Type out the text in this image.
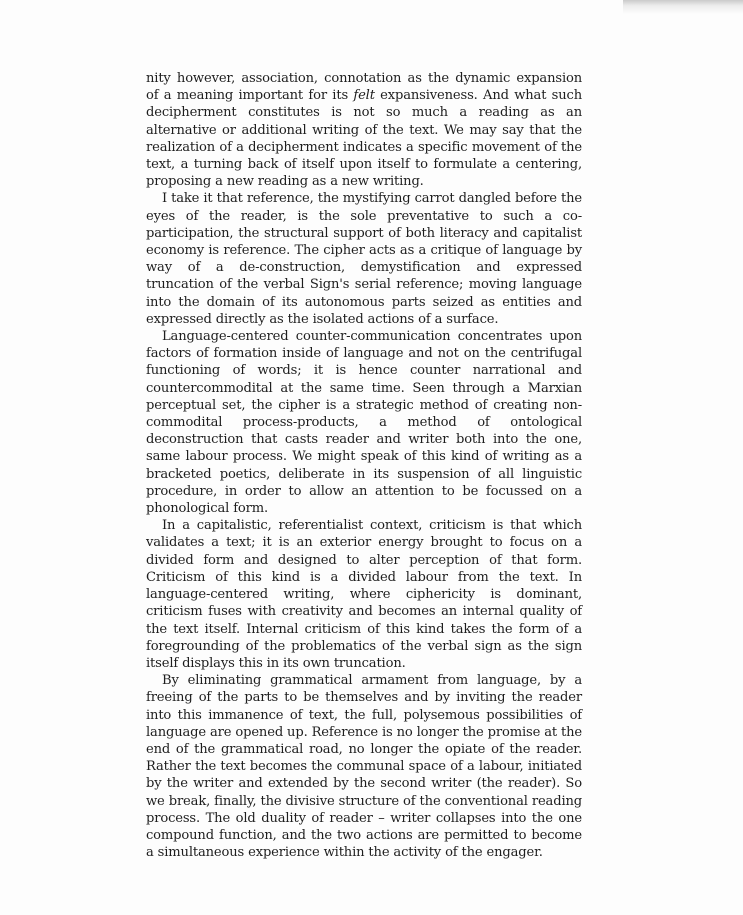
nity however, association, connotation as the dynamic expansion of a meaning important for its felt expansiveness. And what such decipherment constitutes is not so much a reading as an alternative or additional writing of the text. We may say that the realization of a decipherment indicates a specific movement of the text, a turning back of itself upon itself to formulate a centering, proposing a new reading as a new writing.

I take it that reference, the mystifying carrot dangled before the eyes of the reader, is the sole preventative to such a co-participation, the structural support of both literacy and capitalist economy is reference. The cipher acts as a critique of language by way of a de-construction, demystification and expressed truncation of the verbal Sign's serial reference; moving language into the domain of its autonomous parts seized as entities and expressed directly as the isolated actions of a surface.

Language-centered counter-communication concentrates upon factors of formation inside of language and not on the centrifugal functioning of words; it is hence counter narrational and countercommodital at the same time. Seen through a Marxian perceptual set, the cipher is a strategic method of creating non-commodital process-products, a method of ontological deconstruction that casts reader and writer both into the one, same labour process. We might speak of this kind of writing as a bracketed poetics, deliberate in its suspension of all linguistic procedure, in order to allow an attention to be focussed on a phonological form.

In a capitalistic, referentialist context, criticism is that which validates a text; it is an exterior energy brought to focus on a divided form and designed to alter perception of that form. Criticism of this kind is a divided labour from the text. In language-centered writing, where ciphericity is dominant, criticism fuses with creativity and becomes an internal quality of the text itself. Internal criticism of this kind takes the form of a foregrounding of the problematics of the verbal sign as the sign itself displays this in its own truncation.

By eliminating grammatical armament from language, by a freeing of the parts to be themselves and by inviting the reader into this immanence of text, the full, polysemous possibilities of language are opened up. Reference is no longer the promise at the end of the grammatical road, no longer the opiate of the reader. Rather the text becomes the communal space of a labour, initiated by the writer and extended by the second writer (the reader). So we break, finally, the divisive structure of the conventional reading process. The old duality of reader – writer collapses into the one compound function, and the two actions are permitted to become a simultaneous experience within the activity of the engager.
